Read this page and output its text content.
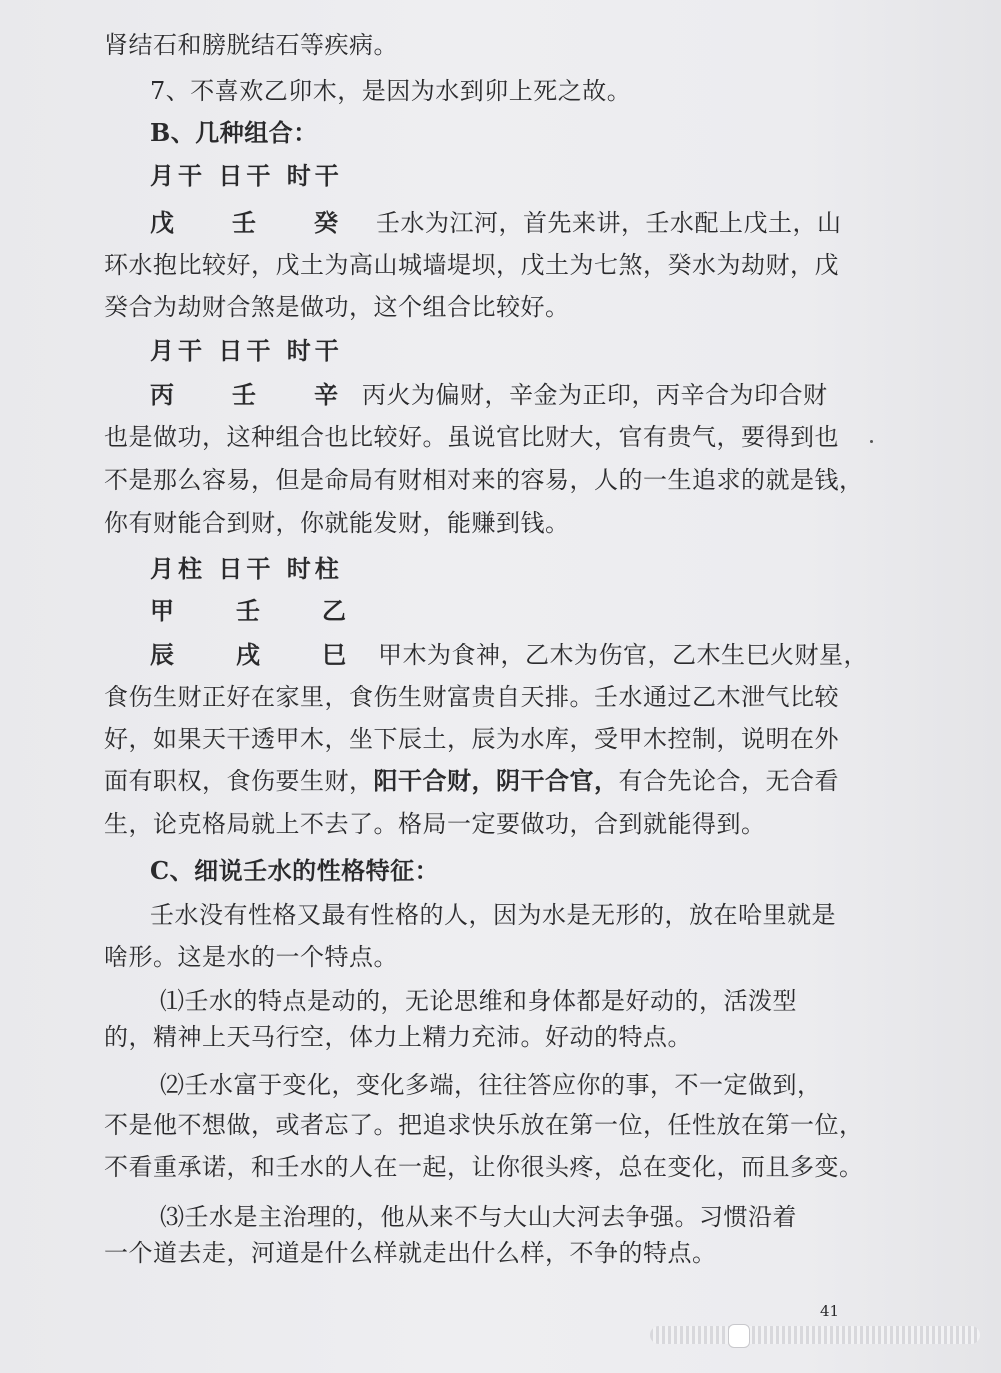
肾结石和膀胱结石等疾病。
7、不喜欢乙卯木，是因为水到卯上死之故。
B、几种组合：
月干 日干 时干
戊 壬 癸 壬水为江河，首先来讲，壬水配上戊土，山
环水抱比较好，戊土为高山城墙堤坝，戊土为七煞，癸水为劫财，戊
癸合为劫财合煞是做功，这个组合比较好。
月干 日干 时干
丙 壬 辛 丙火为偏财，辛金为正印，丙辛合为印合财
也是做功，这种组合也比较好。虽说官比财大，官有贵气，要得到也
不是那么容易，但是命局有财相对来的容易，人的一生追求的就是钱，
你有财能合到财，你就能发财，能赚到钱。
月柱 日干 时柱
甲	壬	乙
辰	戌	巳 甲木为食神，乙木为伤官，乙木生巳火财星，
食伤生财正好在家里，食伤生财富贵自天排。壬水通过乙木泄气比较
好，如果天干透甲木，坐下辰土，辰为水库，受甲木控制，说明在外
面有职权，食伤要生财，阳干合财，阴干合官，有合先论合，无合看
生，论克格局就上不去了。格局一定要做功，合到就能得到。
C、细说壬水的性格特征：
壬水没有性格又最有性格的人，因为水是无形的，放在哈里就是
啥形。这是水的一个特点。
⑴壬水的特点是动的，无论思维和身体都是好动的，活泼型
的，精神上天马行空，体力上精力充沛。好动的特点。
⑵壬水富于变化，变化多端，往往答应你的事，不一定做到，
不是他不想做，或者忘了。把追求快乐放在第一位，任性放在第一位，
不看重承诺，和壬水的人在一起，让你很头疼，总在变化，而且多变。
⑶壬水是主治理的，他从来不与大山大河去争强。习惯沿着
一个道去走，河道是什么样就走出什么样，不争的特点。
41
